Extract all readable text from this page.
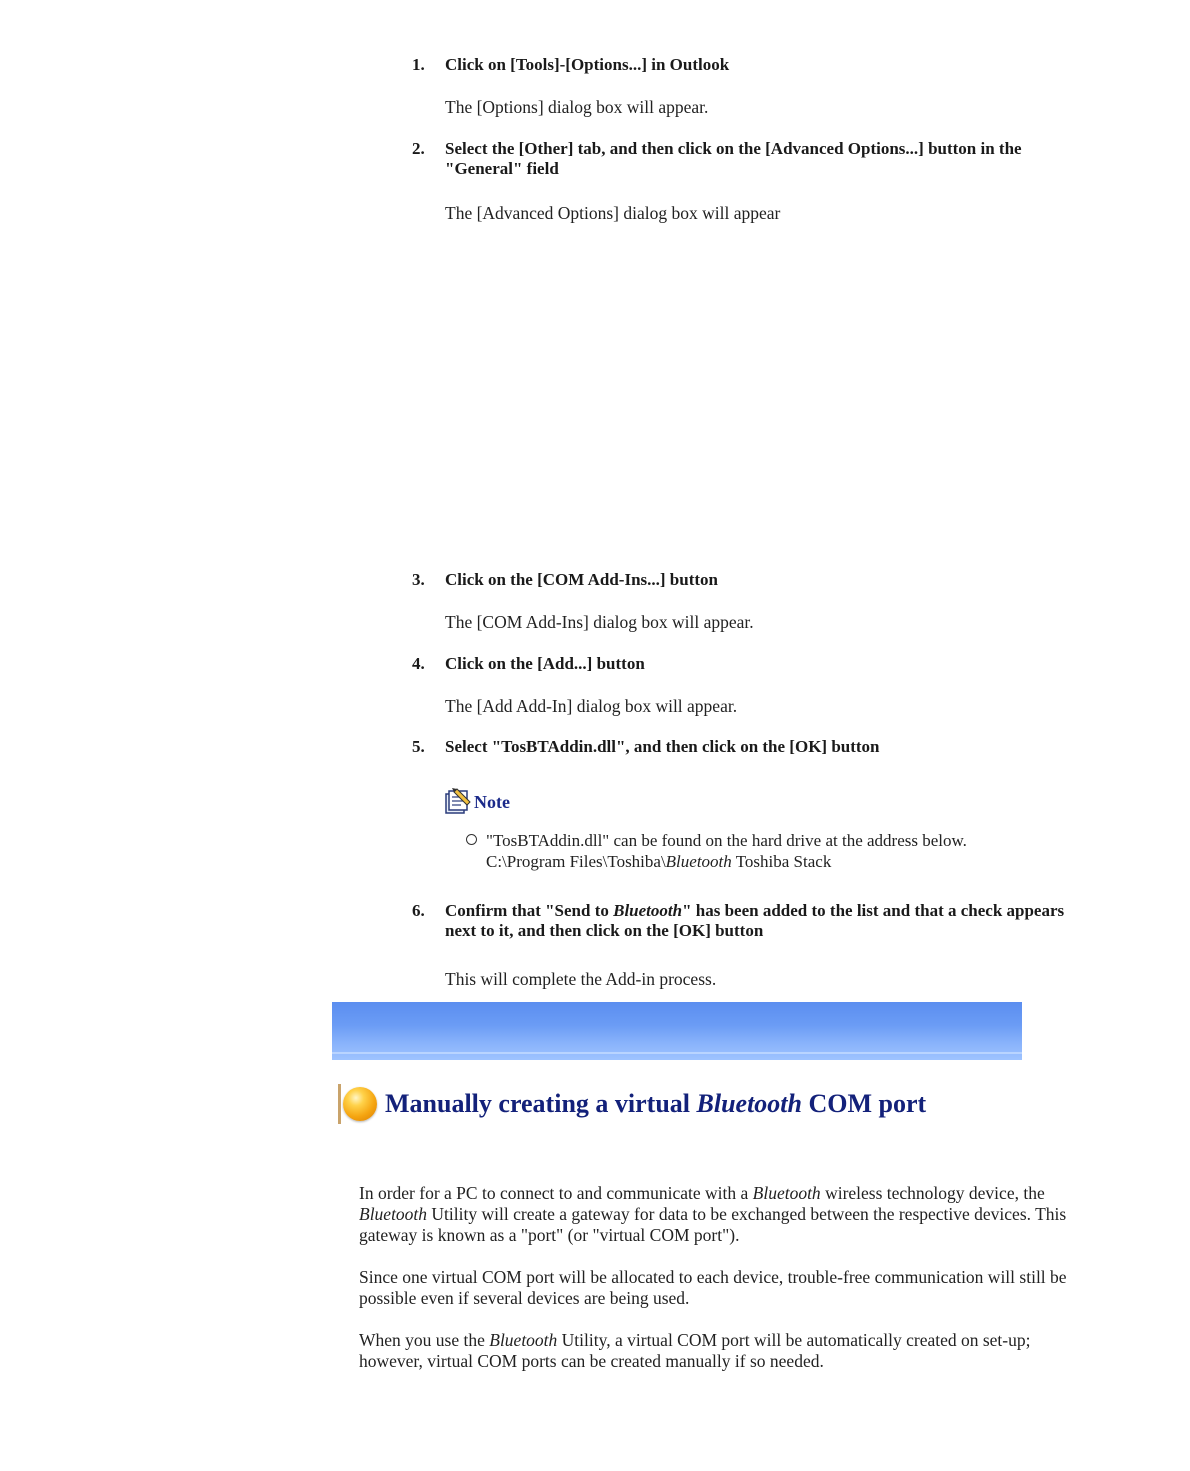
1. Click on [Tools]-[Options...] in Outlook
The [Options] dialog box will appear.
2. Select the [Other] tab, and then click on the [Advanced Options...] button in the "General" field
The [Advanced Options] dialog box will appear
3. Click on the [COM Add-Ins...] button
The [COM Add-Ins] dialog box will appear.
4. Click on the [Add...] button
The [Add Add-In] dialog box will appear.
5. Select "TosBTAddin.dll", and then click on the [OK] button
Note
"TosBTAddin.dll" can be found on the hard drive at the address below.
C:\Program Files\Toshiba\Bluetooth Toshiba Stack
6. Confirm that "Send to Bluetooth" has been added to the list and that a check appears next to it, and then click on the [OK] button
This will complete the Add-in process.
Manually creating a virtual Bluetooth COM port

In order for a PC to connect to and communicate with a Bluetooth wireless technology device, the Bluetooth Utility will create a gateway for data to be exchanged between the respective devices. This gateway is known as a "port" (or "virtual COM port").

Since one virtual COM port will be allocated to each device, trouble-free communication will still be possible even if several devices are being used.

When you use the Bluetooth Utility, a virtual COM port will be automatically created on set-up; however, virtual COM ports can be created manually if so needed.
